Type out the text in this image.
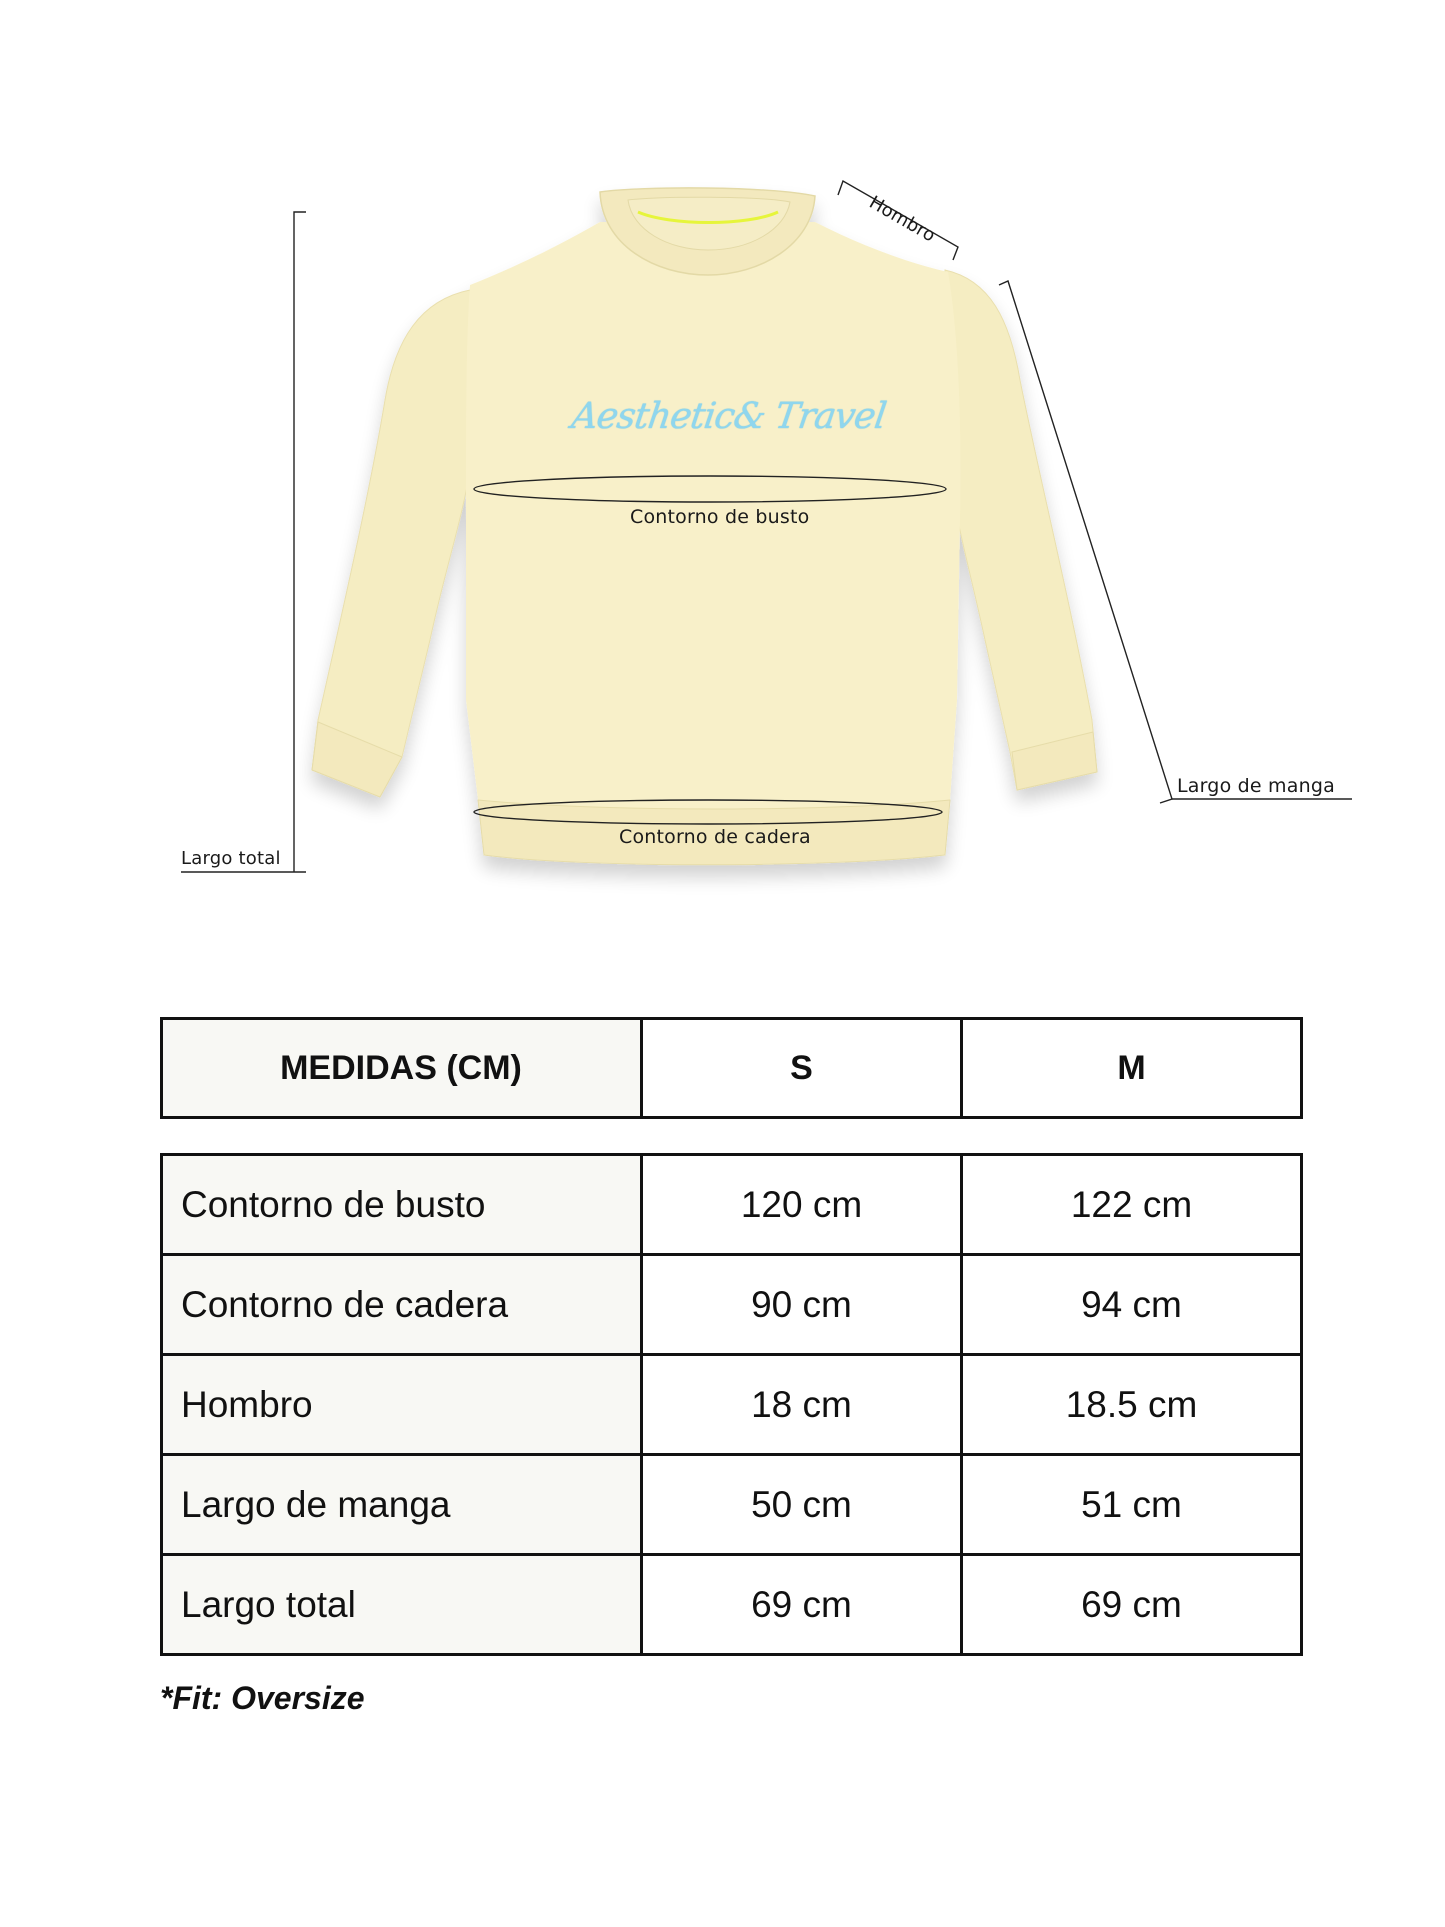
Aesthetic& Travel
Hombro
Contorno de busto
Contorno de cadera
Largo total
Largo de manga
MEDIDAS (CM)	S	M
Contorno de busto	120 cm	122 cm
Contorno de cadera	90 cm	94 cm
Hombro	18 cm	18.5 cm
Largo de manga	50 cm	51 cm
Largo total	69 cm	69 cm
*Fit: Oversize
